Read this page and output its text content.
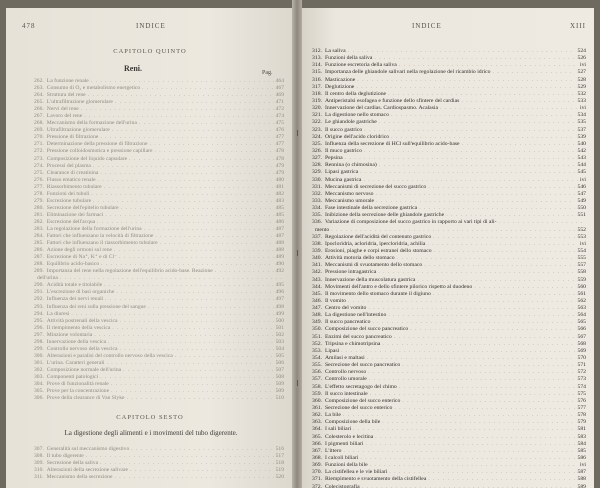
478	INDICE
CAPITOLO QUINTO
Reni.	Pag.
262. La funzione renale . . .	464
263. Consumo di O₂ e metabolismo energetico . . .	467
264. Struttura del rene . . .	469
265. L'ultrafiltrazione glomerulare . . .	471
266. Nervi del rene . . .	472
267. Lavoro del rene . . .	474
268. Meccanismo della formazione dell'urina . . .	475
269. Ultrafiltrazione glomerulare . . .	476
270. Pressione di filtrazione . . .	477
271. Determinazione della pressione di filtrazione . . .	477
272. Pressione colloidosmotica e pressione capillare . . .	478
273. Composizione del liquido capsulare . . .	478
274. Processi del plasma . . .	479
275. Clearance di creatinina . . .	479
276. Flusso ematico renale . . .	480
277. Riassorbimento tubulare . . .	481
278. Funzioni dei tubuli . . .	482
279. Escrezione tubulare . . .	483
280. Secrezione dell'epitelio tubulare . . .	485
281. Eliminazione dei farmaci . . .	485
282. Escrezione dell'acqua . . .	486
283. La regolazione della formazione dell'urina . . .	487
284. Fattori che influenzano la velocità di filtrazione . . .	487
285. Fattori che influenzano il riassorbimento tubulare . . .	488
286. Azione degli ormoni sul rene . . .	488
287. Escrezione di Na⁺, K⁺ e di Cl⁻ . . .	489
288. Equilibrio acido-basico . . .	490
289. Importanza del rene nella regolazione dell'equilibrio acido-base. Reazione . . .	492
dell'urina
. . .
290. Acidità totale e titolabile . . .	495
291. L'escrezione di basi organiche . . .	496
292. Influenza dei nervi renali . . .	497
293. Influenza dei reni sulla pressione del sangue . . .	498
294. La diuresi . . .	499
295. Attività postrenali della vescica . . .	500
296. Il riempimento della vescica . . .	501
297. Minzione volontaria . . .	502
298. Innervazione della vescica . . .	503
299. Controllo nervoso della vescica . . .	504
300. Alterazioni e paralisi del controllo nervoso della vescica . . .	505
301. L'urina. Caratteri generali . . .	506
302. Composizione normale dell'urina . . .	507
303. Componenti patologici . . .	508
304. Prove di funzionalità renale . . .	509
305. Prove per la concentrazione . . .	509
306. Prove della clearance di Van Slyke . . .	510
CAPITOLO SESTO
La digestione degli alimenti e i movimenti del tubo digerente.
307. Generalità sul meccanismo digestivo . . .	516
308. Il tubo digerente . . .	517
309. Secrezione della saliva . . .	518
310. Alterazioni della secrezione salivare . . .	519
311. Meccanismo della secrezione . . .	520
INDICE	XIII
312. La saliva . . .	524
313. Funzioni della saliva . . .	526
314. Funzione escretoria della saliva . . .	ivi
315. Importanza delle ghiandole salivari nella regolazione del ricambio idrico . . .	527
316. Masticazione . . .	528
317. Deglutizione . . .	529
318. Il centro della deglutizione . . .	532
319. Antiperistalsi esofagea e funzione dello sfintere del cardias . . .	533
320. Innervazione del cardias. Cardiospasmo. Acalasia . . .	ivi
321. La digestione nello stomaco . . .	534
322. Le ghiandole gastriche . . .	535
323. Il succo gastrico . . .	537
324. Origine dell'acido cloridrico . . .	539
325. Influenza della secrezione di HCl sull'equilibrio acido-base . . .	540
326. Il muco gastrico . . .	542
327. Pepsina . . .	543
328. Rennina (o chimosina) . . .	544
329. Lipasi gastrica . . .	545
330. Mucina gastrica . . .	ivi
331. Meccanismi di secrezione del succo gastrico . . .	546
332. Meccanismo nervoso . . .	547
333. Meccanismo umorale . . .	549
334. Fase intestinale della secrezione gastrica . . .	550
335. Inibizione della secrezione delle ghiandole gastriche . . .	551
336. Variazione di composizione del succo gastrico in rapporto ai vari tipi di ali-
. . .
mento . . .	552
337. Regolazione dell'acidità del contenuto gastrico . . .	553
338. Ipocloridria, acloridria, ipercloridria, achilia . . .	ivi
339. Erosioni, piaghe e corpi estranei dello stomaco . . .	554
340. Attività motoria dello stomaco . . .	555
341. Meccanismi di svuotamento dello stomaco . . .	557
342. Pressione intragastrica . . .	558
343. Innervazione della muscolatura gastrica . . .	559
344. Movimenti dell'antro e dello sfintere pilorico rispetto al duodeno . . .	560
345. Il movimento dello stomaco durante il digiuno . . .	561
346. Il vomito . . .	562
347. Centro del vomito . . .	563
348. La digestione nell'intestino . . .	564
349. Il succo pancreatico . . .	565
350. Composizione del succo pancreatico . . .	566
351. Enzimi del succo pancreatico . . .	567
352. Tripsina e chimotripsina . . .	568
353. Lipasi . . .	569
354. Amilasi e maltasi . . .	570
355. Secrezione del succo pancreatico . . .	571
356. Controllo nervoso . . .	572
357. Controllo umorale . . .	573
358. L'effetto secretagogo del chimo . . .	574
359. Il succo intestinale . . .	575
360. Composizione del succo enterico . . .	576
361. Secrezione del succo enterico . . .	577
362. La bile . . .	578
363. Composizione della bile . . .	579
364. I sali biliari . . .	581
365. Colesterolo e lecitina . . .	583
366. I pigmenti biliari . . .	584
367. L'ittero . . .	585
368. I calcoli biliari . . .	586
369. Funzioni della bile . . .	ivi
370. La cistifellea e le vie biliari . . .	587
371. Riempimento e svuotamento della cistifellea . . .	588
372. Colecistografia . . .	589
